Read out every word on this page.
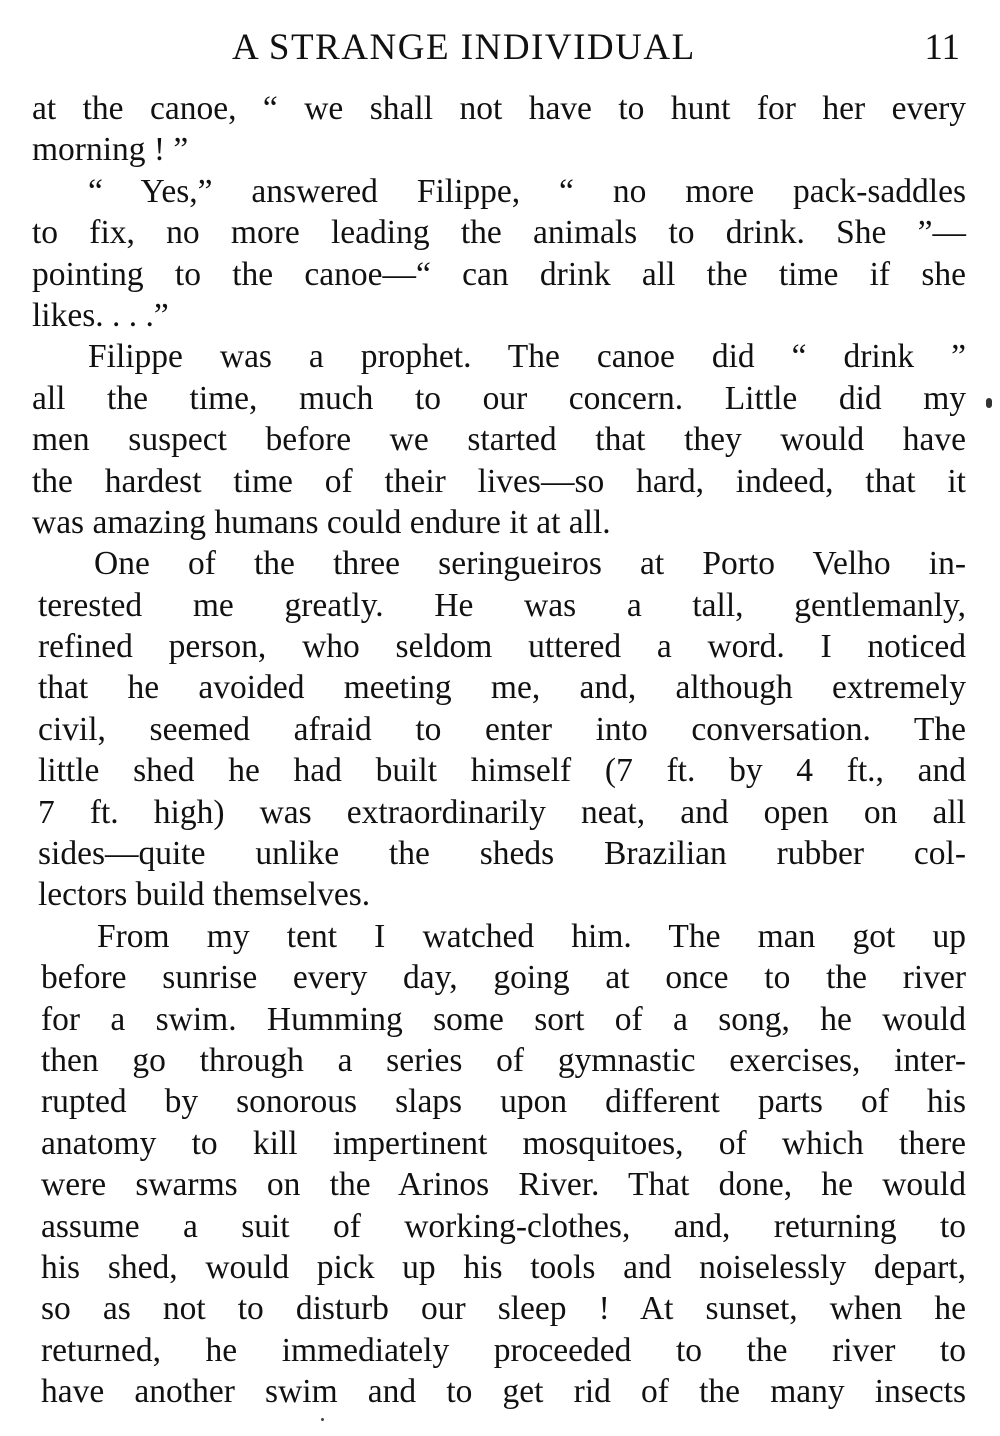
A STRANGE INDIVIDUAL	11
at the canoe, “ we shall not have to hunt for her every
morning ! ”
“ Yes,” answered Filippe, “ no more pack-saddles
to fix, no more leading the animals to drink. She ”—
pointing to the canoe—“ can drink all the time if she
likes. . . .”
Filippe was a prophet. The canoe did “ drink ”
all the time, much to our concern. Little did my
men suspect before we started that they would have
the hardest time of their lives—so hard, indeed, that it
was amazing humans could endure it at all.
One of the three seringueiros at Porto Velho in-
terested me greatly. He was a tall, gentlemanly,
refined person, who seldom uttered a word. I noticed
that he avoided meeting me, and, although extremely
civil, seemed afraid to enter into conversation. The
little shed he had built himself (7 ft. by 4 ft., and
7 ft. high) was extraordinarily neat, and open on all
sides—quite unlike the sheds Brazilian rubber col-
lectors build themselves.
From my tent I watched him. The man got up
before sunrise every day, going at once to the river
for a swim. Humming some sort of a song, he would
then go through a series of gymnastic exercises, inter-
rupted by sonorous slaps upon different parts of his
anatomy to kill impertinent mosquitoes, of which there
were swarms on the Arinos River. That done, he would
assume a suit of working-clothes, and, returning to
his shed, would pick up his tools and noiselessly depart,
so as not to disturb our sleep ! At sunset, when he
returned, he immediately proceeded to the river to
have another swim and to get rid of the many insects
